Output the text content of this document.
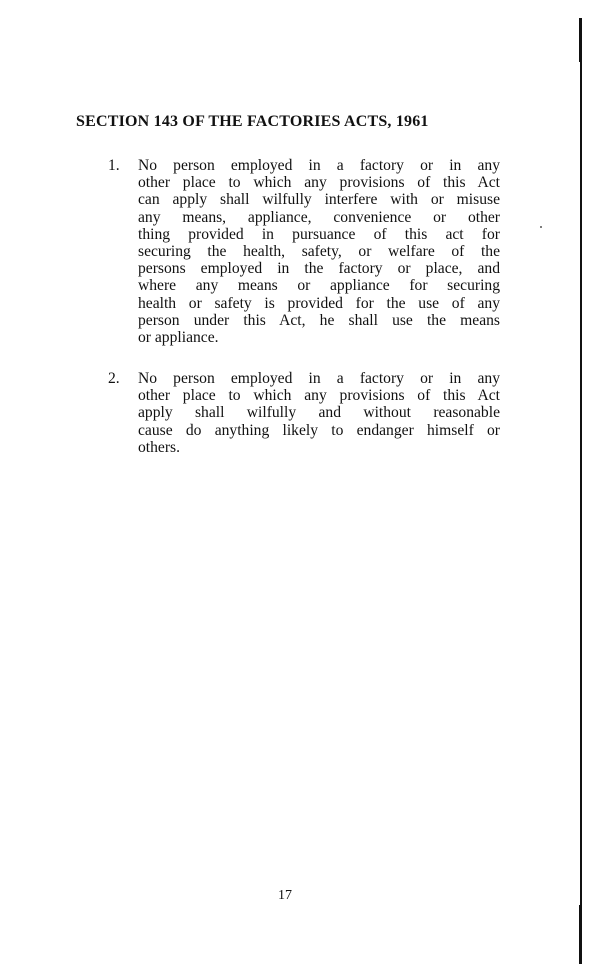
SECTION 143 OF THE FACTORIES ACTS, 1961
1.	No person employed in a factory or in any
other place to which any provisions of this Act
can apply shall wilfully interfere with or misuse
any means, appliance, convenience or other
thing provided in pursuance of this act for
securing the health, safety, or welfare of the
persons employed in the factory or place, and
where any means or appliance for securing
health or safety is provided for the use of any
person under this Act, he shall use the means
or appliance.
2.	No person employed in a factory or in any
other place to which any provisions of this Act
apply shall wilfully and without reasonable
cause do anything likely to endanger himself or
others.
17
